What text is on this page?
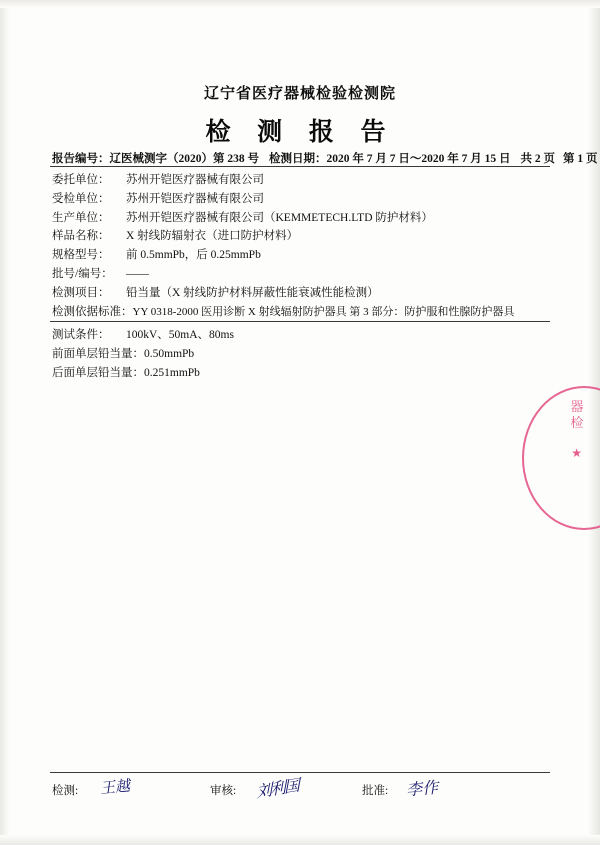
辽宁省医疗器械检验检测院
检 测 报 告
报告编号：辽医械测字（2020）第 238 号 检测日期：2020 年 7 月 7 日～2020 年 7 月 15 日 共 2 页 第 1 页
委托单位： 苏州开铠医疗器械有限公司
受检单位： 苏州开铠医疗器械有限公司
生产单位： 苏州开铠医疗器械有限公司（KEMMETECH.LTD 防护材料）
样品名称： X 射线防辐射衣（进口防护材料）
规格型号： 前 0.5mmPb，后 0.25mmPb
批号/编号： ——
检测项目： 铅当量（X 射线防护材料屏蔽性能衰减性能检测）
检测依据标准：YY 0318-2000 医用诊断 X 射线辐射防护器具 第 3 部分：防护服和性腺防护器具
测试条件： 100kV、50mA、80ms
前面单层铅当量：0.50mmPb
后面单层铅当量：0.251mmPb
器 检
★
检测: 王越	审核: 刘利国	批准: 李作
